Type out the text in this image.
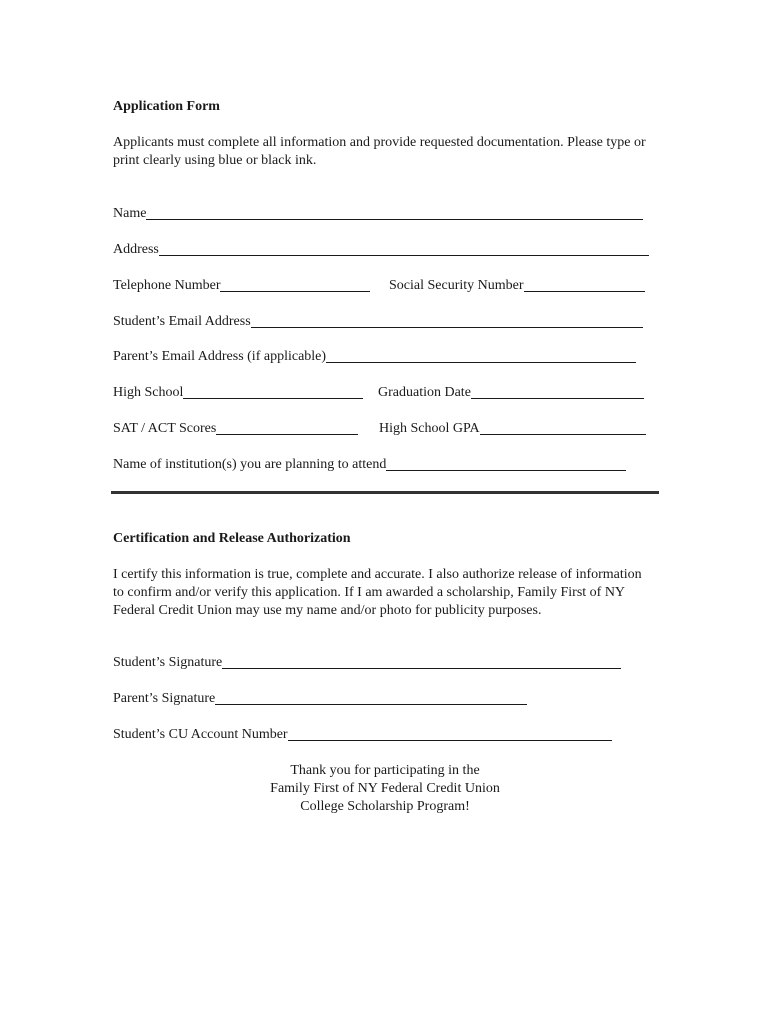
Application Form
Applicants must complete all information and provide requested documentation. Please type or print clearly using blue or black ink.
Name
Address
Telephone Number	Social Security Number
Student’s Email Address
Parent’s Email Address (if applicable)
High School	Graduation Date
SAT / ACT Scores	High School GPA
Name of institution(s) you are planning to attend
Certification and Release Authorization
I certify this information is true, complete and accurate. I also authorize release of information to confirm and/or verify this application. If I am awarded a scholarship, Family First of NY Federal Credit Union may use my name and/or photo for publicity purposes.
Student’s Signature
Parent’s Signature
Student’s CU Account Number
Thank you for participating in the
Family First of NY Federal Credit Union
College Scholarship Program!
